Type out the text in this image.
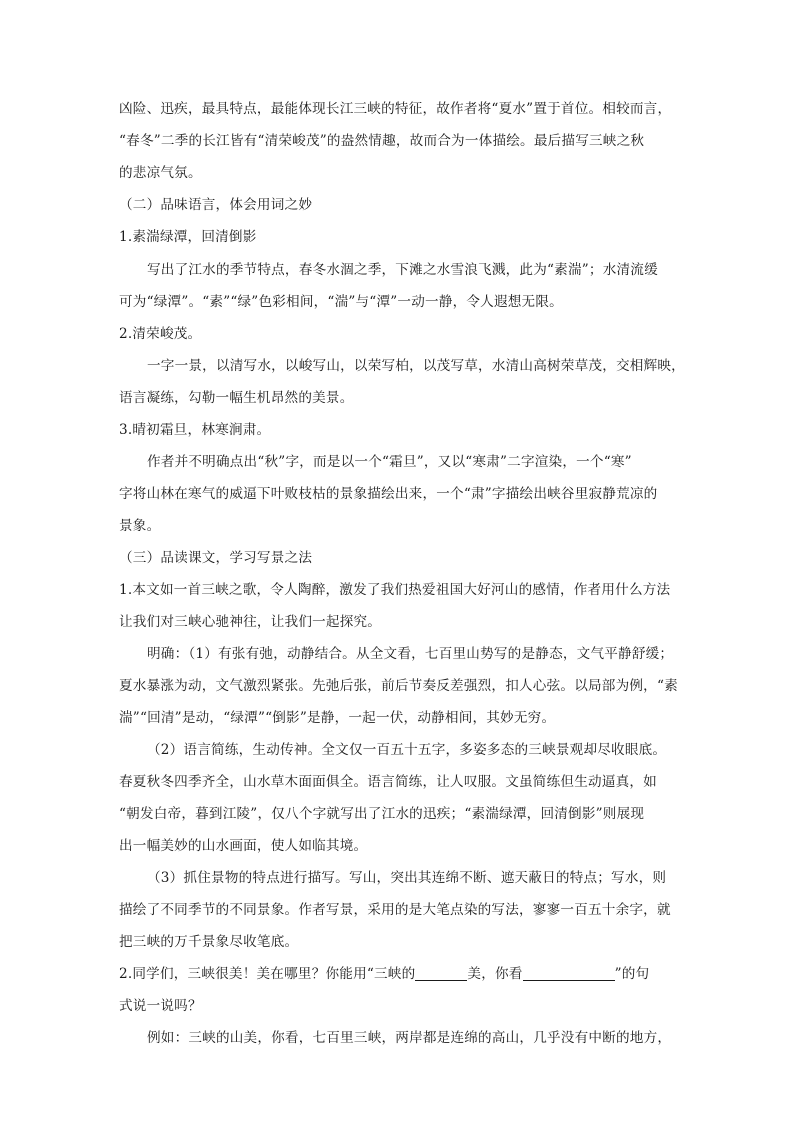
凶险、迅疾，最具特点，最能体现长江三峡的特征，故作者将“夏水”置于首位。相较而言，
“春冬”二季的长江皆有“清荣峻茂”的盎然情趣，故而合为一体描绘。最后描写三峡之秋
的悲凉气氛。
（二）品味语言，体会用词之妙
1.素湍绿潭，回清倒影
写出了江水的季节特点，春冬水涸之季，下滩之水雪浪飞溅，此为“素湍”；水清流缓
可为“绿潭”。“素”“绿”色彩相间，“湍”与“潭”一动一静，令人遐想无限。
2.清荣峻茂。
一字一景，以清写水，以峻写山，以荣写柏，以茂写草，水清山高树荣草茂，交相辉映，
语言凝练，勾勒一幅生机昂然的美景。
3.晴初霜旦，林寒涧肃。
作者并不明确点出“秋”字，而是以一个“霜旦”，又以“寒肃”二字渲染，一个“寒”
字将山林在寒气的威逼下叶败枝枯的景象描绘出来，一个“肃”字描绘出峡谷里寂静荒凉的
景象。
（三）品读课文，学习写景之法
1.本文如一首三峡之歌，令人陶醉，激发了我们热爱祖国大好河山的感情，作者用什么方法
让我们对三峡心驰神往，让我们一起探究。
明确：（1）有张有弛，动静结合。从全文看，七百里山势写的是静态，文气平静舒缓；
夏水暴涨为动，文气激烈紧张。先弛后张，前后节奏反差强烈，扣人心弦。以局部为例，“素
湍”“回清”是动，“绿潭”“倒影”是静，一起一伏，动静相间，其妙无穷。
（2）语言简练，生动传神。全文仅一百五十五字，多姿多态的三峡景观却尽收眼底。
春夏秋冬四季齐全，山水草木面面俱全。语言简练，让人叹服。文虽简练但生动逼真，如
“朝发白帝，暮到江陵”，仅八个字就写出了江水的迅疾；“素湍绿潭，回清倒影”则展现
出一幅美妙的山水画面，使人如临其境。
（3）抓住景物的特点进行描写。写山，突出其连绵不断、遮天蔽日的特点；写水，则
描绘了不同季节的不同景象。作者写景，采用的是大笔点染的写法，寥寥一百五十余字，就
把三峡的万千景象尽收笔底。
2.同学们，三峡很美！美在哪里？你能用“三峡的	美，你看	”的句
式说一说吗？
例如：三峡的山美，你看，七百里三峡，两岸都是连绵的高山，几乎没有中断的地方，
